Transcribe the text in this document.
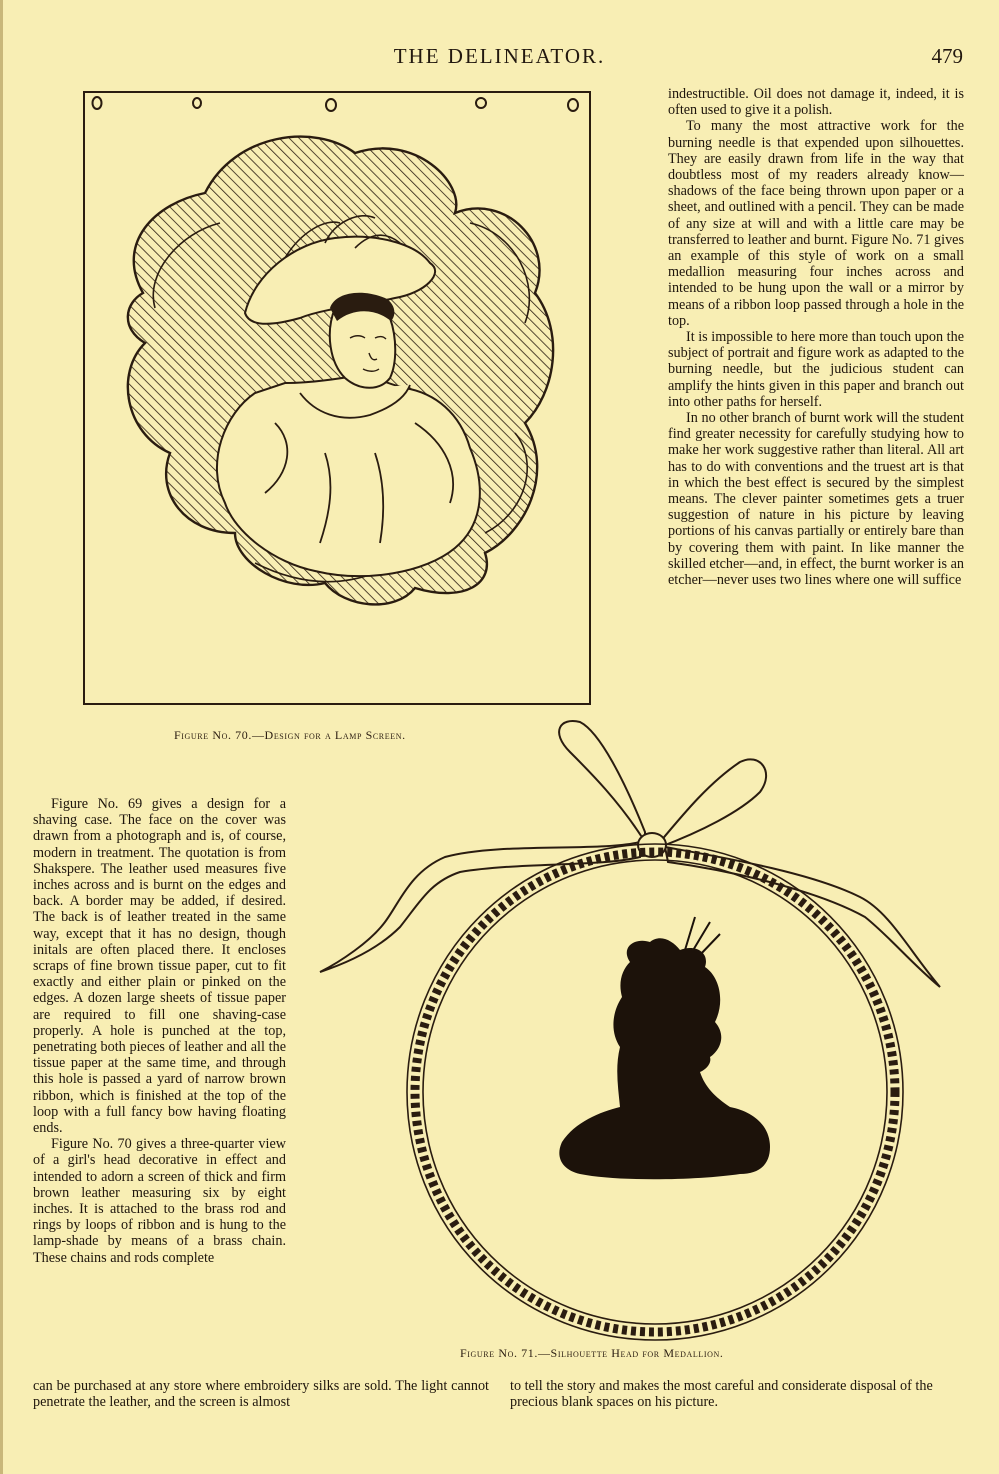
THE DELINEATOR.	479
Figure No. 70.—Design for a Lamp Screen.

indestructible. Oil does not damage it, indeed, it is often used to give it a polish.

To many the most attractive work for the burning needle is that expended upon silhouettes. They are easily drawn from life in the way that doubtless most of my readers already know—shadows of the face being thrown upon paper or a sheet, and outlined with a pencil. They can be made of any size at will and with a little care may be transferred to leather and burnt. Figure No. 71 gives an example of this style of work on a small medallion measuring four inches across and intended to be hung upon the wall or a mirror by means of a ribbon loop passed through a hole in the top.

It is impossible to here more than touch upon the subject of portrait and figure work as adapted to the burning needle, but the judicious student can amplify the hints given in this paper and branch out into other paths for herself.

In no other branch of burnt work will the student find greater necessity for carefully studying how to make her work suggestive rather than literal. All art has to do with conventions and the truest art is that in which the best effect is secured by the simplest means. The clever painter sometimes gets a truer suggestion of nature in his picture by leaving portions of his canvas partially or entirely bare than by covering them with paint. In like manner the skilled etcher—and, in effect, the burnt worker is an etcher—never uses two lines where one will suffice

Figure No. 69 gives a design for a shaving case. The face on the cover was drawn from a photograph and is, of course, modern in treatment. The quotation is from Shakspere. The leather used measures five inches across and is burnt on the edges and back. A border may be added, if desired. The back is of leather treated in the same way, except that it has no design, though initals are often placed there. It encloses scraps of fine brown tissue paper, cut to fit exactly and either plain or pinked on the edges. A dozen large sheets of tissue paper are required to fill one shaving-case properly. A hole is punched at the top, penetrating both pieces of leather and all the tissue paper at the same time, and through this hole is passed a yard of narrow brown ribbon, which is finished at the top of the loop with a full fancy bow having floating ends.

Figure No. 70 gives a three-quarter view of a girl's head decorative in effect and intended to adorn a screen of thick and firm brown leather measuring six by eight inches. It is attached to the brass rod and rings by loops of ribbon and is hung to the lamp-shade by means of a brass chain. These chains and rods complete

Figure No. 71.—Silhouette Head for Medallion.

can be purchased at any store where embroidery silks are sold. The light cannot penetrate the leather, and the screen is almost

to tell the story and makes the most careful and considerate disposal of the precious blank spaces on his picture.
